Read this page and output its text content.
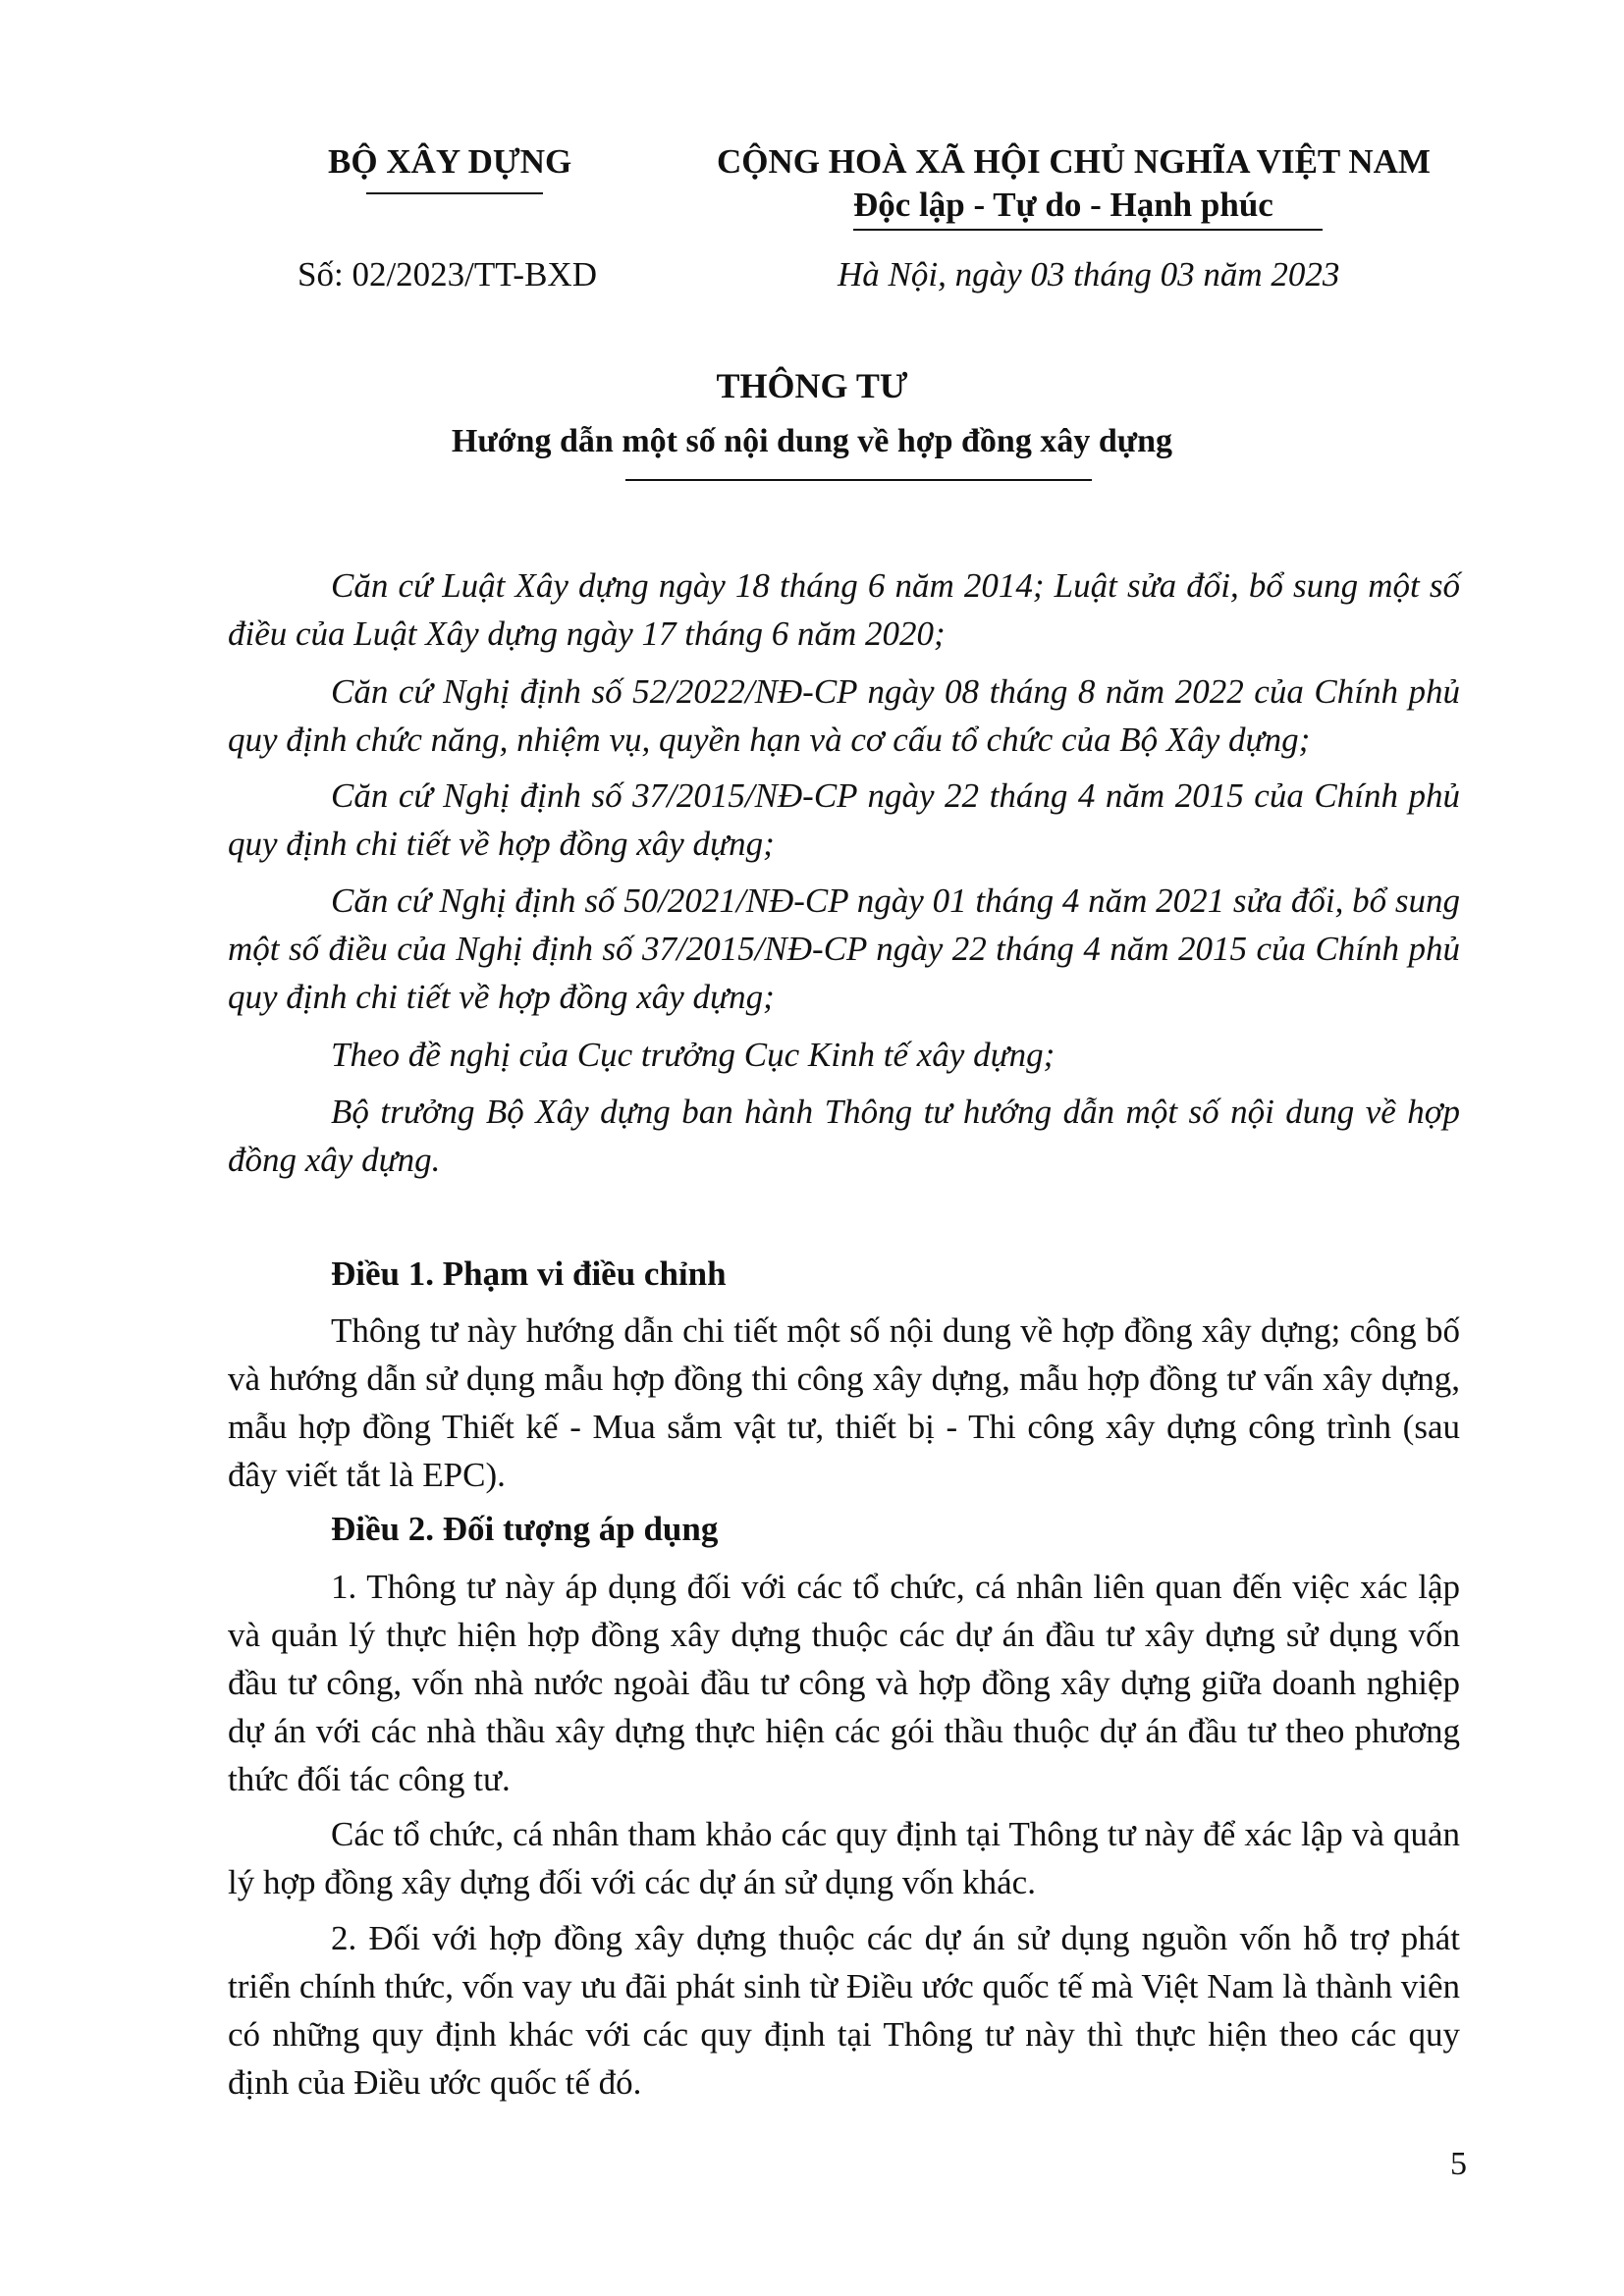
BỘ XÂY DỰNG
Số: 02/2023/TT-BXD
CỘNG HOÀ XÃ HỘI CHỦ NGHĨA VIỆT NAM
Độc lập - Tự do - Hạnh phúc
Hà Nội, ngày 03 tháng 03 năm 2023
THÔNG TƯ
Hướng dẫn một số nội dung về hợp đồng xây dựng
Căn cứ Luật Xây dựng ngày 18 tháng 6 năm 2014; Luật sửa đổi, bổ sung một số điều của Luật Xây dựng ngày 17 tháng 6 năm 2020;
Căn cứ Nghị định số 52/2022/NĐ-CP ngày 08 tháng 8 năm 2022 của Chính phủ quy định chức năng, nhiệm vụ, quyền hạn và cơ cấu tổ chức của Bộ Xây dựng;
Căn cứ Nghị định số 37/2015/NĐ-CP ngày 22 tháng 4 năm 2015 của Chính phủ quy định chi tiết về hợp đồng xây dựng;
Căn cứ Nghị định số 50/2021/NĐ-CP ngày 01 tháng 4 năm 2021 sửa đổi, bổ sung một số điều của Nghị định số 37/2015/NĐ-CP ngày 22 tháng 4 năm 2015 của Chính phủ quy định chi tiết về hợp đồng xây dựng;
Theo đề nghị của Cục trưởng Cục Kinh tế xây dựng;
Bộ trưởng Bộ Xây dựng ban hành Thông tư hướng dẫn một số nội dung về hợp đồng xây dựng.
Điều 1. Phạm vi điều chỉnh
Thông tư này hướng dẫn chi tiết một số nội dung về hợp đồng xây dựng; công bố và hướng dẫn sử dụng mẫu hợp đồng thi công xây dựng, mẫu hợp đồng tư vấn xây dựng, mẫu hợp đồng Thiết kế - Mua sắm vật tư, thiết bị - Thi công xây dựng công trình (sau đây viết tắt là EPC).
Điều 2. Đối tượng áp dụng
1. Thông tư này áp dụng đối với các tổ chức, cá nhân liên quan đến việc xác lập và quản lý thực hiện hợp đồng xây dựng thuộc các dự án đầu tư xây dựng sử dụng vốn đầu tư công, vốn nhà nước ngoài đầu tư công và hợp đồng xây dựng giữa doanh nghiệp dự án với các nhà thầu xây dựng thực hiện các gói thầu thuộc dự án đầu tư theo phương thức đối tác công tư.
Các tổ chức, cá nhân tham khảo các quy định tại Thông tư này để xác lập và quản lý hợp đồng xây dựng đối với các dự án sử dụng vốn khác.
2. Đối với hợp đồng xây dựng thuộc các dự án sử dụng nguồn vốn hỗ trợ phát triển chính thức, vốn vay ưu đãi phát sinh từ Điều ước quốc tế mà Việt Nam là thành viên có những quy định khác với các quy định tại Thông tư này thì thực hiện theo các quy định của Điều ước quốc tế đó.
5
